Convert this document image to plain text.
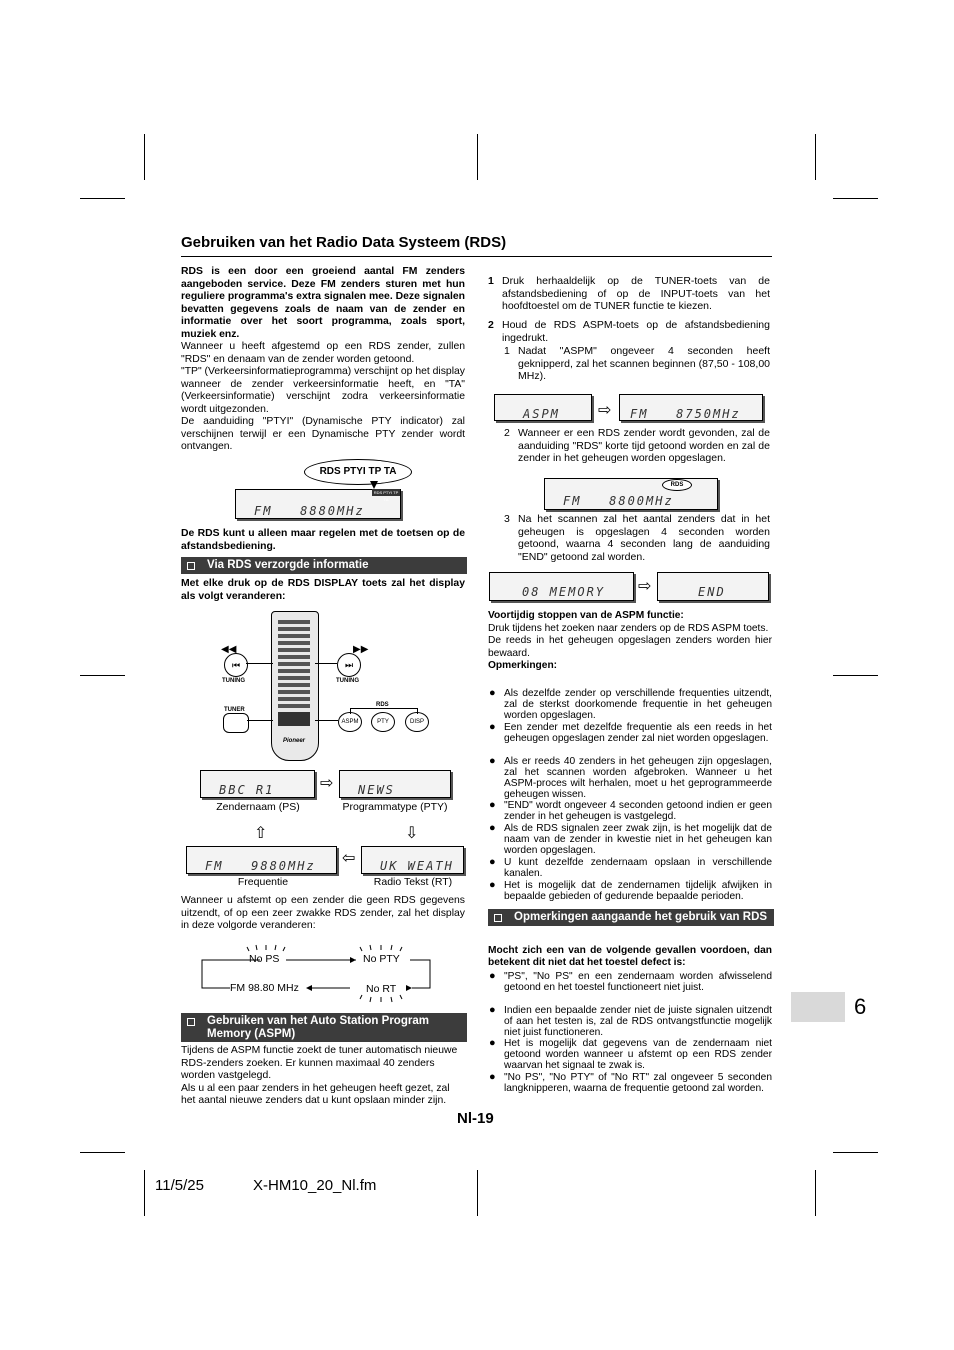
Gebruiken van het Radio Data Systeem (RDS)

RDS is een door een groeiend aantal FM zenders aangeboden service. Deze FM zenders sturen met hun reguliere programma's extra signalen mee. Deze signalen bevatten gegevens zoals de naam van de zender en informatie over het soort programma, zoals sport, muziek enz.

Wanneer u heeft afgestemd op een RDS zender, zullen "RDS" en denaam van de zender worden getoond.

"TP" (Verkeersinformatieprogramma) verschijnt op het display wanneer de zender verkeersinformatie heeft, en "TA" (Verkeersinformatie) verschijnt zodra verkeersinformatie wordt uitgezonden.

De aanduiding "PTYI" (Dynamische PTY indicator) zal verschijnen terwijl er een Dynamische PTY zender wordt ontvangen.

RDS PTYI TP TA
FM   8880MHz
RDS PTYI TP TA
De RDS kunt u alleen maar regelen met de toetsen op de afstandsbediening.
Via RDS verzorgde informatie
Met elke druk op de RDS DISPLAY toets zal het display als volgt veranderen:
Pioneer
◀◀	▶▶
⏮	⏭
TUNING	TUNING
TUNER
RDS
ASPM	PTY	DISP
BBC R1	⇨	NEWS
Zendernaam (PS)	Programmatype (PTY)
⇧	⇩
FM   9880MHz	⇦	UK WEATH
Frequentie	Radio Tekst (RT)
Wanneer u afstemt op een zender die geen RDS gegevens uitzendt, of op een zeer zwakke RDS zender, zal het display in deze volgorde veranderen:
No PS	No PTY
No RT
FM 98.80 MHz
Gebruiken van het Auto Station Program Memory (ASPM)

Tijdens de ASPM functie zoekt de tuner automatisch nieuwe RDS-zenders zoeken. Er kunnen maximaal 40 zenders worden vastgelegd.

Als u al een paar zenders in het geheugen heeft gezet, zal het aantal nieuwe zenders dat u kunt opslaan minder zijn.

1 Druk herhaaldelijk op de TUNER-toets van de afstandsbediening of op de INPUT-toets van het hoofdtoestel om de TUNER functie te kiezen.
2 Houd de RDS ASPM-toets op de afstandsbediening ingedrukt.
1 Nadat "ASPM" ongeveer 4 seconden heeft geknipperd, zal het scannen beginnen (87,50 - 108,00 MHz).
ASPM	⇨	FM   8750MHz
2 Wanneer er een RDS zender wordt gevonden, zal de aanduiding "RDS" korte tijd getoond worden en zal de zender in het geheugen worden opgeslagen.
FM   8800MHz
RDS
3 Na het scannen zal het aantal zenders dat in het geheugen is opgeslagen 4 seconden worden getoond, waarna 4 seconden lang de aanduiding "END" getoond zal worden.
08 MEMORY	⇨	END

Voortijdig stoppen van de ASPM functie:

Druk tijdens het zoeken naar zenders op de RDS ASPM toets.

De reeds in het geheugen opgeslagen zenders worden hier bewaard.

Opmerkingen:

● Als dezelfde zender op verschillende frequenties uitzendt, zal de sterkst doorkomende frequentie in het geheugen worden opgeslagen.
● Een zender met dezelfde frequentie als een reeds in het geheugen opgeslagen zender zal niet worden opgeslagen.
● Als er reeds 40 zenders in het geheugen zijn opgeslagen, zal het scannen worden afgebroken. Wanneer u het ASPM-proces wilt herhalen, moet u het geprogrammeerde geheugen wissen.
● "END" wordt ongeveer 4 seconden getoond indien er geen zender in het geheugen is vastgelegd.
● Als de RDS signalen zeer zwak zijn, is het mogelijk dat de naam van de zender in kwestie niet in het geheugen kan worden opgeslagen.
● U kunt dezelfde zendernaam opslaan in verschillende kanalen.
● Het is mogelijk dat de zendernamen tijdelijk afwijken in bepaalde gebieden of gedurende bepaalde perioden.
Opmerkingen aangaande het gebruik van RDS
Mocht zich een van de volgende gevallen voordoen, dan betekent dit niet dat het toestel defect is:
● "PS", "No PS" en een zendernaam worden afwisselend getoond en het toestel functioneert niet juist.
● Indien een bepaalde zender niet de juiste signalen uitzendt of aan het testen is, zal de RDS ontvangstfunctie mogelijk niet juist functioneren.
● Het is mogelijk dat gegevens van de zendernaam niet getoond worden wanneer u afstemt op een RDS zender waarvan het signaal te zwak is.
● "No PS", "No PTY" of "No RT" zal ongeveer 5 seconden langknipperen, waarna de frequentie getoond zal worden.
6
Nl-19
11/5/25	X-HM10_20_Nl.fm
